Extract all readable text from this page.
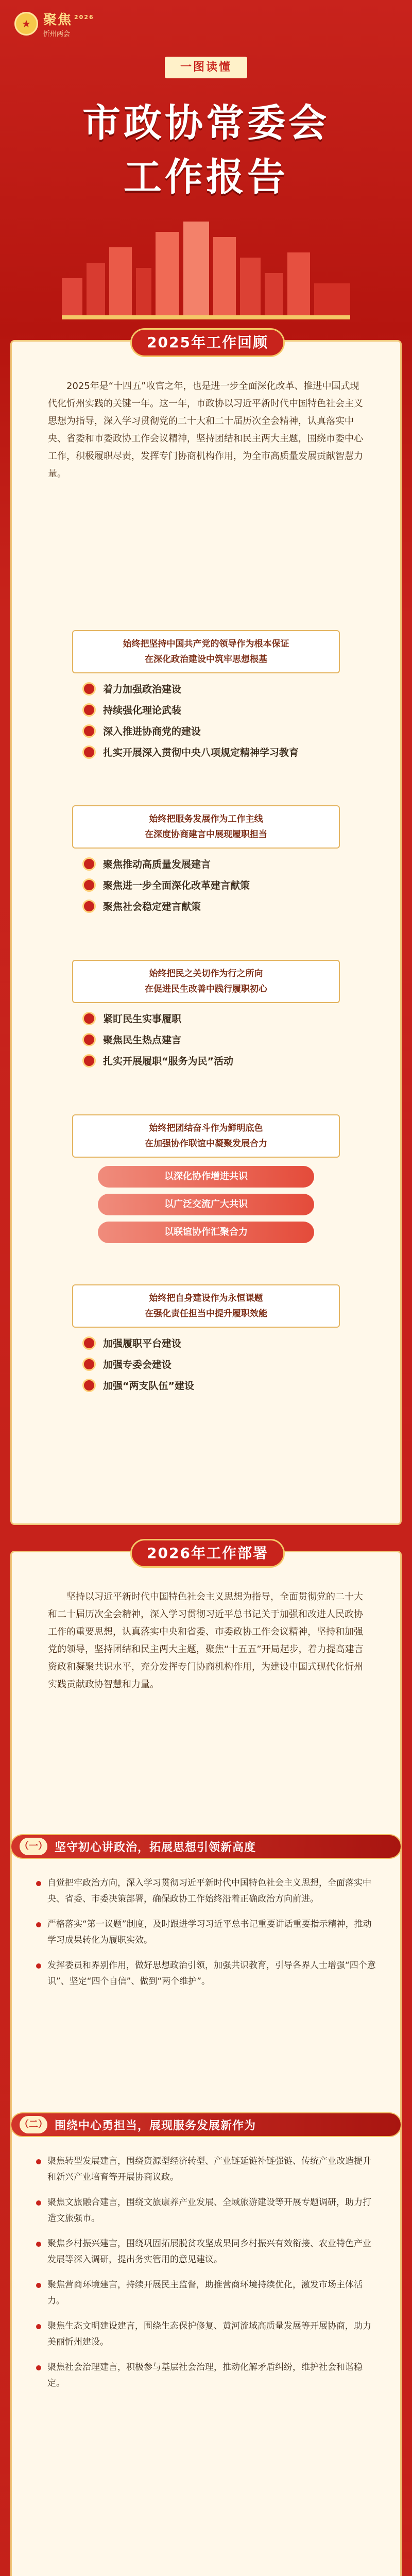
★ 聚焦 $^{2026}$
忻州两会
一图读懂
市政协常委会
工作报告
2025年工作回顾
2025年是“十四五”收官之年，也是进一步全面深化改革、推进中国式现代化忻州实践的关键一年。这一年，市政协以习近平新时代中国特色社会主义思想为指导，深入学习贯彻党的二十大和二十届历次全会精神，认真落实中央、省委和市委政协工作会议精神，坚持团结和民主两大主题，围绕市委中心工作，积极履职尽责，发挥专门协商机构作用，为全市高质量发展贡献智慧力量。
始终把坚持中国共产党的领导作为根本保证
在深化政治建设中筑牢思想根基
着力加强政治建设
持续强化理论武装
深入推进协商党的建设
扎实开展深入贯彻中央八项规定精神学习教育
始终把服务发展作为工作主线
在深度协商建言中展现履职担当
聚焦推动高质量发展建言
聚焦进一步全面深化改革建言献策
聚焦社会稳定建言献策
始终把民之关切作为行之所向
在促进民生改善中践行履职初心
紧盯民生实事履职
聚焦民生热点建言
扎实开展履职“服务为民”活动
始终把团结奋斗作为鲜明底色
在加强协作联谊中凝聚发展合力
以深化协作增进共识
以广泛交流广大共识
以联谊协作汇聚合力
始终把自身建设作为永恒课题
在强化责任担当中提升履职效能
加强履职平台建设
加强专委会建设
加强“两支队伍”建设
2026年工作部署
坚持以习近平新时代中国特色社会主义思想为指导，全面贯彻党的二十大和二十届历次全会精神，深入学习贯彻习近平总书记关于加强和改进人民政协工作的重要思想，认真落实中央和省委、市委政协工作会议精神，坚持和加强党的领导，坚持团结和民主两大主题，聚焦“十五五”开局起步，着力提高建言资政和凝聚共识水平，充分发挥专门协商机构作用，为建设中国式现代化忻州实践贡献政协智慧和力量。
（一） 坚守初心讲政治，拓展思想引领新高度

自觉把牢政治方向，深入学习贯彻习近平新时代中国特色社会主义思想，全面落实中央、省委、市委决策部署，确保政协工作始终沿着正确政治方向前进。

严格落实“第一议题”制度，及时跟进学习习近平总书记重要讲话重要指示精神，推动学习成果转化为履职实效。

发挥委员和界别作用，做好思想政治引领，加强共识教育，引导各界人士增强“四个意识”、坚定“四个自信”、做到“两个维护”。

（二） 围绕中心勇担当，展现服务发展新作为

聚焦转型发展建言，围绕资源型经济转型、产业链延链补链强链、传统产业改造提升和新兴产业培育等开展协商议政。

聚焦文旅融合建言，围绕文旅康养产业发展、全域旅游建设等开展专题调研，助力打造文旅强市。

聚焦乡村振兴建言，围绕巩固拓展脱贫攻坚成果同乡村振兴有效衔接、农业特色产业发展等深入调研，提出务实管用的意见建议。

聚焦营商环境建言，持续开展民主监督，助推营商环境持续优化，激发市场主体活力。

聚焦生态文明建设建言，围绕生态保护修复、黄河流域高质量发展等开展协商，助力美丽忻州建设。

聚焦社会治理建言，积极参与基层社会治理，推动化解矛盾纠纷，维护社会和谐稳定。
